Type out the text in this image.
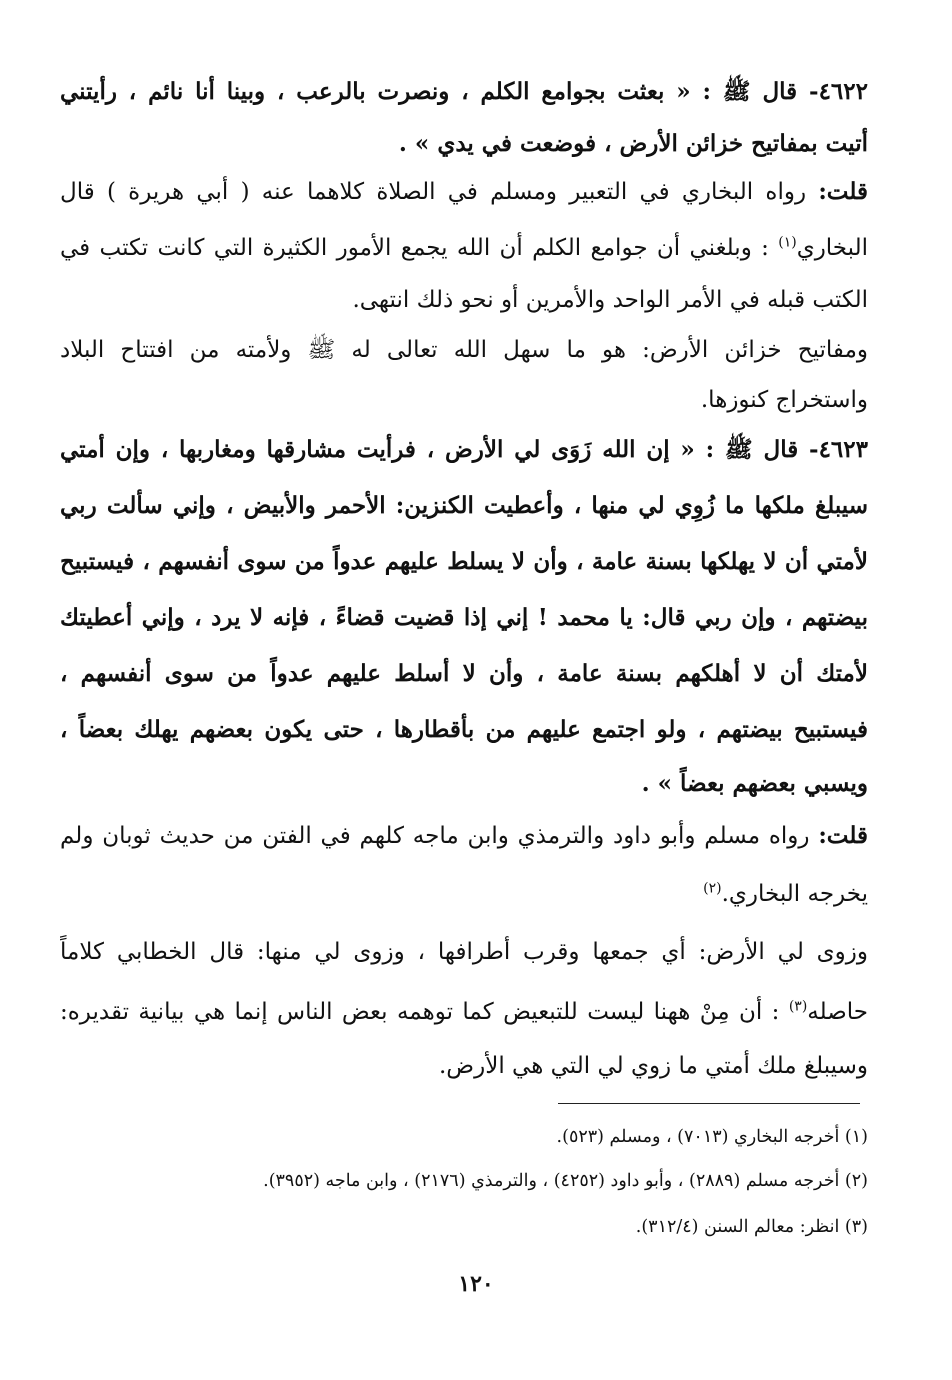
٤٦٢٢- قال ﷺ : « بعثت بجوامع الكلم ، ونصرت بالرعب ، وبينا أنا نائم ، رأيتني
أتيت بمفاتيح خزائن الأرض ، فوضعت في يدي » .
قلت: رواه البخاري في التعبير ومسلم في الصلاة كلاهما عنه ( أبي هريرة ) قال
البخاري$^{(١)}$ : وبلغني أن جوامع الكلم أن الله يجمع الأمور الكثيرة التي كانت تكتب في
الكتب قبله في الأمر الواحد والأمرين أو نحو ذلك انتهى.
ومفاتيح خزائن الأرض: هو ما سهل الله تعالى له ﷺ ولأمته من افتتاح البلاد
واستخراج كنوزها.
٤٦٢٣- قال ﷺ : « إن الله زَوَى لي الأرض ، فرأيت مشارقها ومغاربها ، وإن أمتي
سيبلغ ملكها ما زُوِي لي منها ، وأعطيت الكنزين: الأحمر والأبيض ، وإني سألت ربي
لأمتي أن لا يهلكها بسنة عامة ، وأن لا يسلط عليهم عدواً من سوى أنفسهم ، فيستبيح
بيضتهم ، وإن ربي قال: يا محمد ! إني إذا قضيت قضاءً ، فإنه لا يرد ، وإني أعطيتك
لأمتك أن لا أهلكهم بسنة عامة ، وأن لا أسلط عليهم عدواً من سوى أنفسهم ،
فيستبيح بيضتهم ، ولو اجتمع عليهم من بأقطارها ، حتى يكون بعضهم يهلك بعضاً ،
ويسبي بعضهم بعضاً » .
قلت: رواه مسلم وأبو داود والترمذي وابن ماجه كلهم في الفتن من حديث ثوبان ولم
يخرجه البخاري.$^{(٢)}$
وزوى لي الأرض: أي جمعها وقرب أطرافها ، وزوى لي منها: قال الخطابي كلاماً
حاصله$^{(٣)}$ : أن مِنْ ههنا ليست للتبعيض كما توهمه بعض الناس إنما هي بيانية تقديره:
وسيبلغ ملك أمتي ما زوي لي التي هي الأرض.
(١) أخرجه البخاري (٧٠١٣) ، ومسلم (٥٢٣).
(٢) أخرجه مسلم (٢٨٨٩) ، وأبو داود (٤٢٥٢) ، والترمذي (٢١٧٦) ، وابن ماجه (٣٩٥٢).
(٣) انظر: معالم السنن (٣١٢/٤).
١٢٠
